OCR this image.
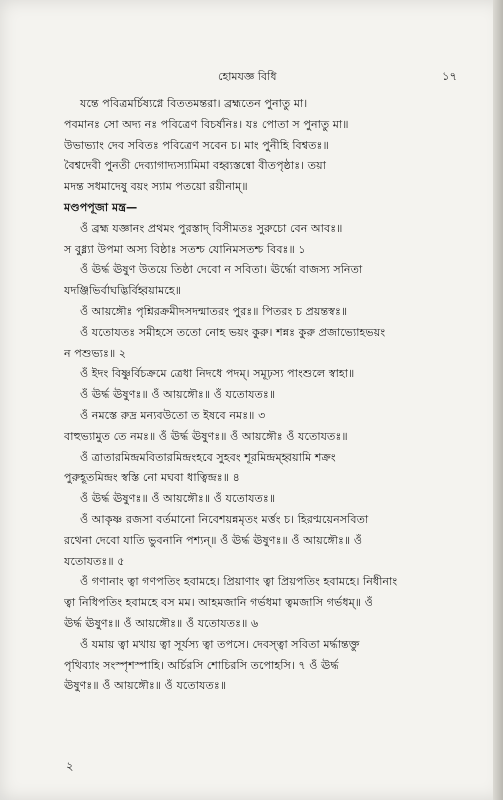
হোমযজ্ঞ বিধি	১৭
যন্তে পবিত্রমর্চিষ্যগ্নে বিততমন্তরা। ব্রহ্মতেন পুনাতু মা।
পবমানঃ সো অদ্য নঃ পবিত্রেণ বিচর্ষনিঃ। যঃ পোতা স পুনাতু মা॥
উভাভ্যাং দেব সবিতঃ পবিত্রেণ সবেন চ। মাং পুনীহি বিশ্বতঃ॥
বৈশ্বদেবী পুনতী দেব্যাগাদ্যস্যামিমা বহ্ব্যস্তন্বো বীতপৃষ্ঠাঃ। তয়া
মদন্ত সধমাদেষু বয়ং স্যাম পতয়ো রয়ীনাম্॥
মণ্ডপপূজা মন্ত্র—
ওঁ ব্রহ্ম যজ্ঞানং প্রথমং পুরস্তাদ্ বিসীমতঃ সুরুচো বেন আবঃ॥
স বুধ্ন্যা উপমা অস্য বিষ্ঠাঃ সতশ্চ যোনিমসতশ্চ বিবঃ॥ ১
ওঁ ঊর্দ্ধ ঊষুণ উতয়ে তিষ্ঠা দেবো ন সবিতা। ঊর্দ্ধো বাজস্য সনিতা
যদঞ্জিভির্বাঘদ্ভির্বিহ্বয়ামহে॥
ওঁ আয়ঙ্গৌঃ পৃশ্নিরক্রমীদসদন্মাতরং পুরঃ॥ পিতরং চ প্রয়ন্তস্বঃ॥
ওঁ যতোযতঃ সমীহসে ততো নোহ ভয়ং কুরু। শন্নঃ কুরু প্রজাভ্যোহভয়ং
ন পশুভ্যঃ॥ ২
ওঁ ইদং বিষ্ণুর্বিচক্রমে ত্রেধা নিদধে পদম্। সমূঢ়স্য পাংশুলে স্বাহা॥
ওঁ ঊর্দ্ধ ঊষুণঃ॥ ওঁ আয়ঙ্গৌঃ॥ ওঁ যতোযতঃ॥
ওঁ নমস্তে রুদ্র মন্যবউতো ত ইষবে নমঃ॥ ৩
বাহুভ্যামুত তে নমঃ॥ ওঁ ঊর্দ্ধ ঊষুণঃ॥ ওঁ আয়ঙ্গৌঃ ওঁ যতোযতঃ॥
ওঁ ত্রাতারমিন্দ্রমবিতারমিন্দ্রংহবে সুহবং শূরমিন্দ্রম্হ্বয়ামি শক্রং
পুরুহূতমিন্দ্রং স্বস্তি নো মঘবা ধাত্বিন্দ্রঃ॥ ৪
ওঁ ঊর্দ্ধ ঊষুণঃ॥ ওঁ আয়ঙ্গৌঃ॥ ওঁ যতোযতঃ॥
ওঁ আকৃষ্ণ রজসা বর্তমানো নিবেশয়ন্নমৃতং মর্ত্তং চ। হিরণ্ময়েনসবিতা
রথেনা দেবো যাতি ভুবনানি পশ্যন্॥ ওঁ ঊর্দ্ধ ঊষুণঃ॥ ওঁ আয়ঙ্গৌঃ॥ ওঁ
যতোযতঃ॥ ৫
ওঁ গণানাং ত্বা গণপতিং হবামহে। প্রিয়াণাং ত্বা প্রিয়পতিং হবামহে। নিধীনাং
ত্বা নিধিপতিং হবামহে বস মম। আহমজানি গর্ভধমা ত্বমজাসি গর্ভধম্॥ ওঁ
ঊর্দ্ধ ঊষুণঃ॥ ওঁ আয়ঙ্গৌঃ॥ ওঁ যতোযতঃ॥ ৬
ওঁ যমায় ত্বা মখায় ত্বা সূর্যস্য ত্বা তপসে। দেবস্ত্বা সবিতা মর্দ্ধান্তক্তু
পৃথিব্যাং সংস্পৃশস্পাহি। অর্চিরসি শোচিরসি তপোহসি। ৭ ওঁ ঊর্দ্ধ
ঊষুণঃ॥ ওঁ আয়ঙ্গৌঃ॥ ওঁ যতোযতঃ॥
২
